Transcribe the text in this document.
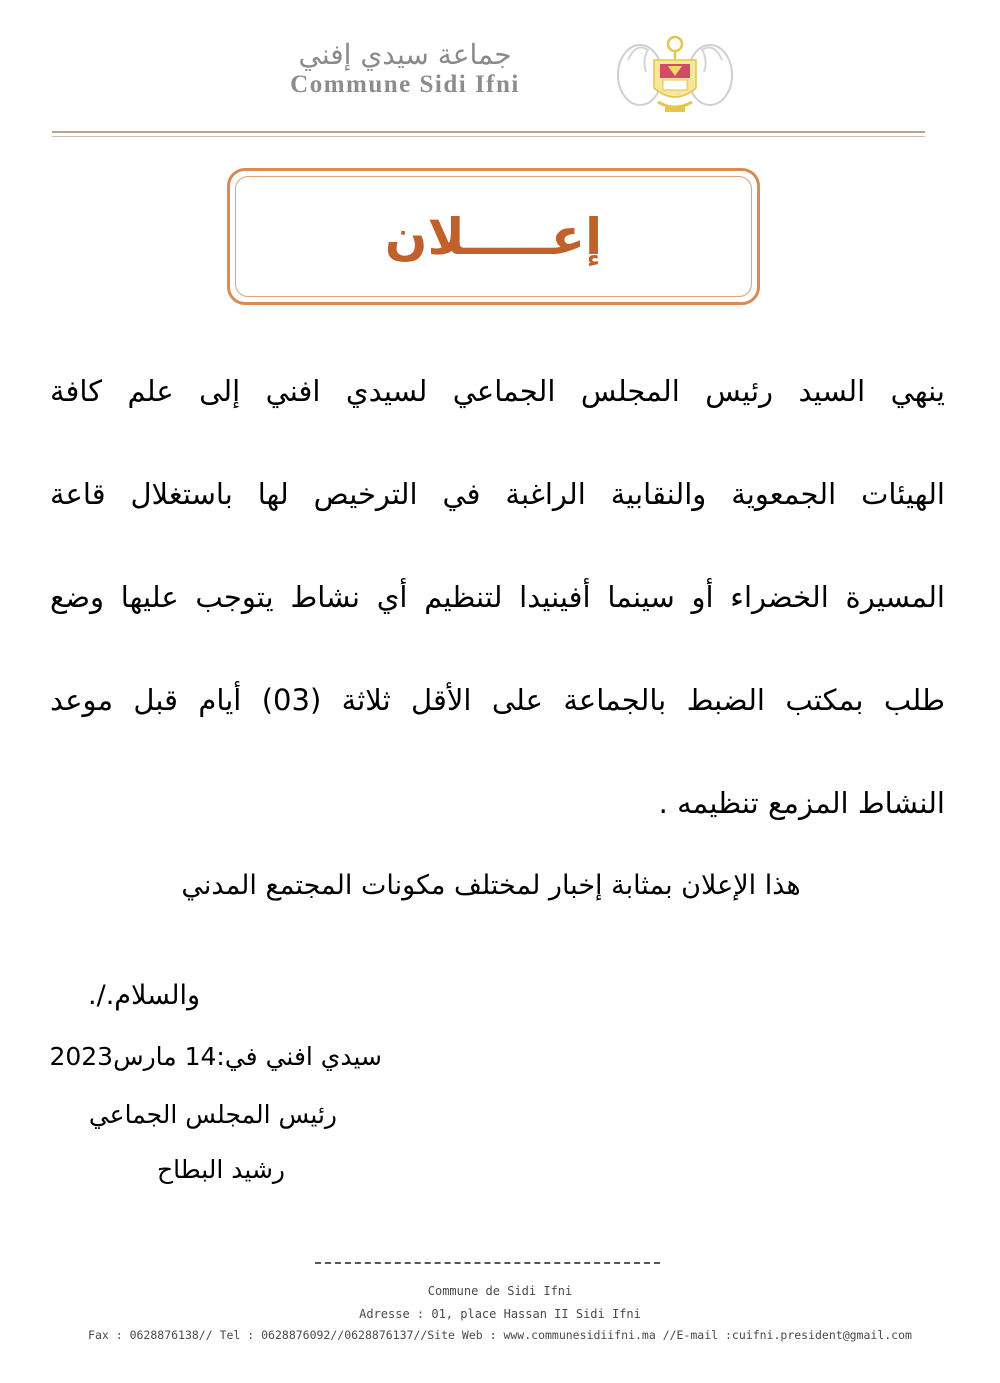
جماعة سيدي إفني
Commune Sidi Ifni
إعـــــلان
ينهي السيد رئيس المجلس الجماعي لسيدي افني إلى علم كافة
الهيئات الجمعوية والنقابية الراغبة في الترخيص لها باستغلال قاعة
المسيرة الخضراء أو سينما أفينيدا لتنظيم أي نشاط يتوجب عليها وضع
طلب بمكتب الضبط بالجماعة على الأقل ثلاثة (03) أيام قبل موعد
النشاط المزمع تنظيمه .
هذا الإعلان بمثابة إخبار لمختلف مكونات المجتمع المدني
والسلام./.
سيدي افني في:14 مارس2023
رئيس المجلس الجماعي
رشيد البطاح
Commune de Sidi Ifni
Adresse : 01, place Hassan II Sidi Ifni
Fax : 0628876138// Tel : 0628876092//0628876137//Site Web : www.communesidiifni.ma //E-mail :cuifni.president@gmail.com
